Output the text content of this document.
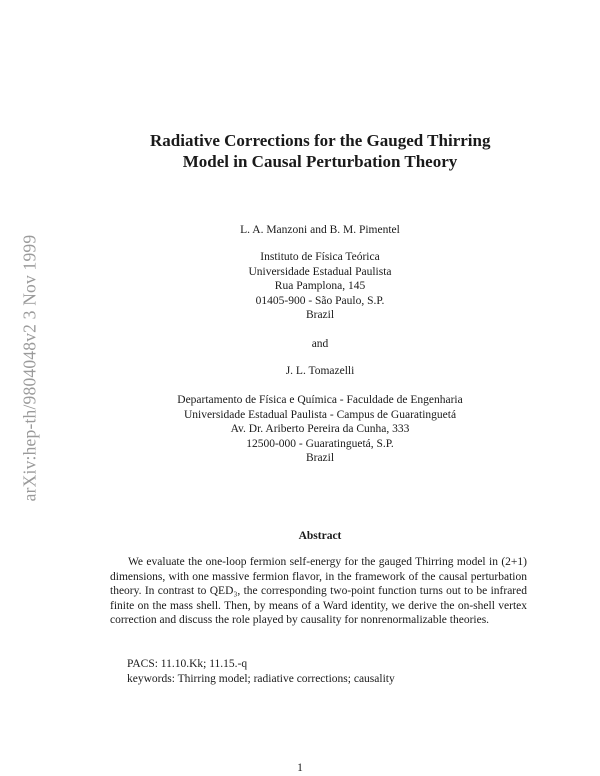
arXiv:hep-th/9804048v2 3 Nov 1999
Radiative Corrections for the Gauged Thirring
Model in Causal Perturbation Theory
L. A. Manzoni and B. M. Pimentel
Instituto de Física Teórica
Universidade Estadual Paulista
Rua Pamplona, 145
01405-900 - São Paulo, S.P.
Brazil
and
J. L. Tomazelli
Departamento de Física e Química - Faculdade de Engenharia
Universidade Estadual Paulista - Campus de Guaratinguetá
Av. Dr. Ariberto Pereira da Cunha, 333
12500-000 - Guaratinguetá, S.P.
Brazil
Abstract
We evaluate the one-loop fermion self-energy for the gauged Thirring model in (2+1) dimensions, with one massive fermion flavor, in the framework of the causal perturbation theory. In contrast to QED₃, the corresponding two-point function turns out to be infrared finite on the mass shell. Then, by means of a Ward identity, we derive the on-shell vertex correction and discuss the role played by causality for nonrenormalizable theories.
PACS: 11.10.Kk; 11.15.-q
keywords: Thirring model; radiative corrections; causality
1
